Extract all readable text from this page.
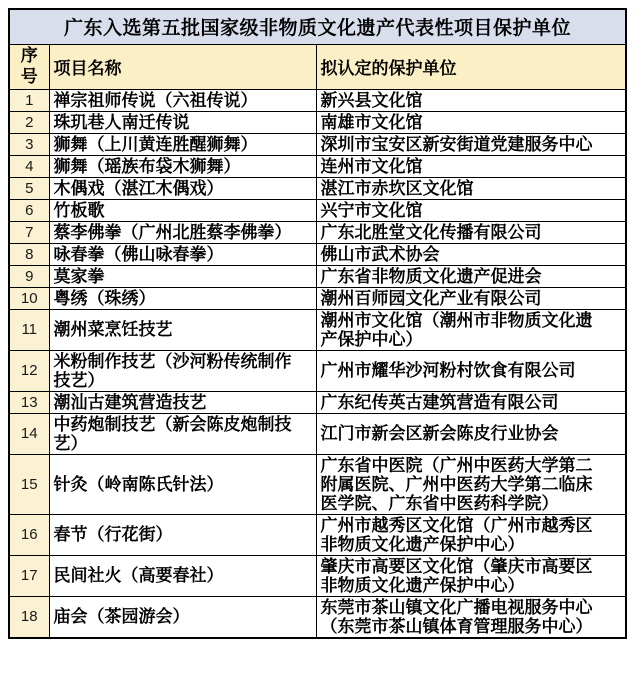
广东入选第五批国家级非物质文化遗产代表性项目保护单位		
序号	项目名称	拟认定的保护单位
1	禅宗祖师传说（六祖传说）	新兴县文化馆
2	珠玑巷人南迁传说	南雄市文化馆
3	狮舞（上川黄连胜醒狮舞）	深圳市宝安区新安街道党建服务中心
4	狮舞（瑶族布袋木狮舞）	连州市文化馆
5	木偶戏（湛江木偶戏）	湛江市赤坎区文化馆
6	竹板歌	兴宁市文化馆
7	蔡李佛拳（广州北胜蔡李佛拳）	广东北胜堂文化传播有限公司
8	咏春拳（佛山咏春拳）	佛山市武术协会
9	莫家拳	广东省非物质文化遗产促进会
10	粤绣（珠绣）	潮州百师园文化产业有限公司
11	潮州菜烹饪技艺	潮州市文化馆（潮州市非物质文化遗产保护中心）
12	米粉制作技艺（沙河粉传统制作技艺）	广州市耀华沙河粉村饮食有限公司
13	潮汕古建筑营造技艺	广东纪传英古建筑营造有限公司
14	中药炮制技艺（新会陈皮炮制技艺）	江门市新会区新会陈皮行业协会
15	针灸（岭南陈氏针法）	广东省中医院（广州中医药大学第二附属医院、广州中医药大学第二临床医学院、广东省中医药科学院）
16	春节（行花街）	广州市越秀区文化馆（广州市越秀区非物质文化遗产保护中心）
17	民间社火（高要春社）	肇庆市高要区文化馆（肇庆市高要区非物质文化遗产保护中心）
18	庙会（茶园游会）	东莞市茶山镇文化广播电视服务中心（东莞市茶山镇体育管理服务中心）
